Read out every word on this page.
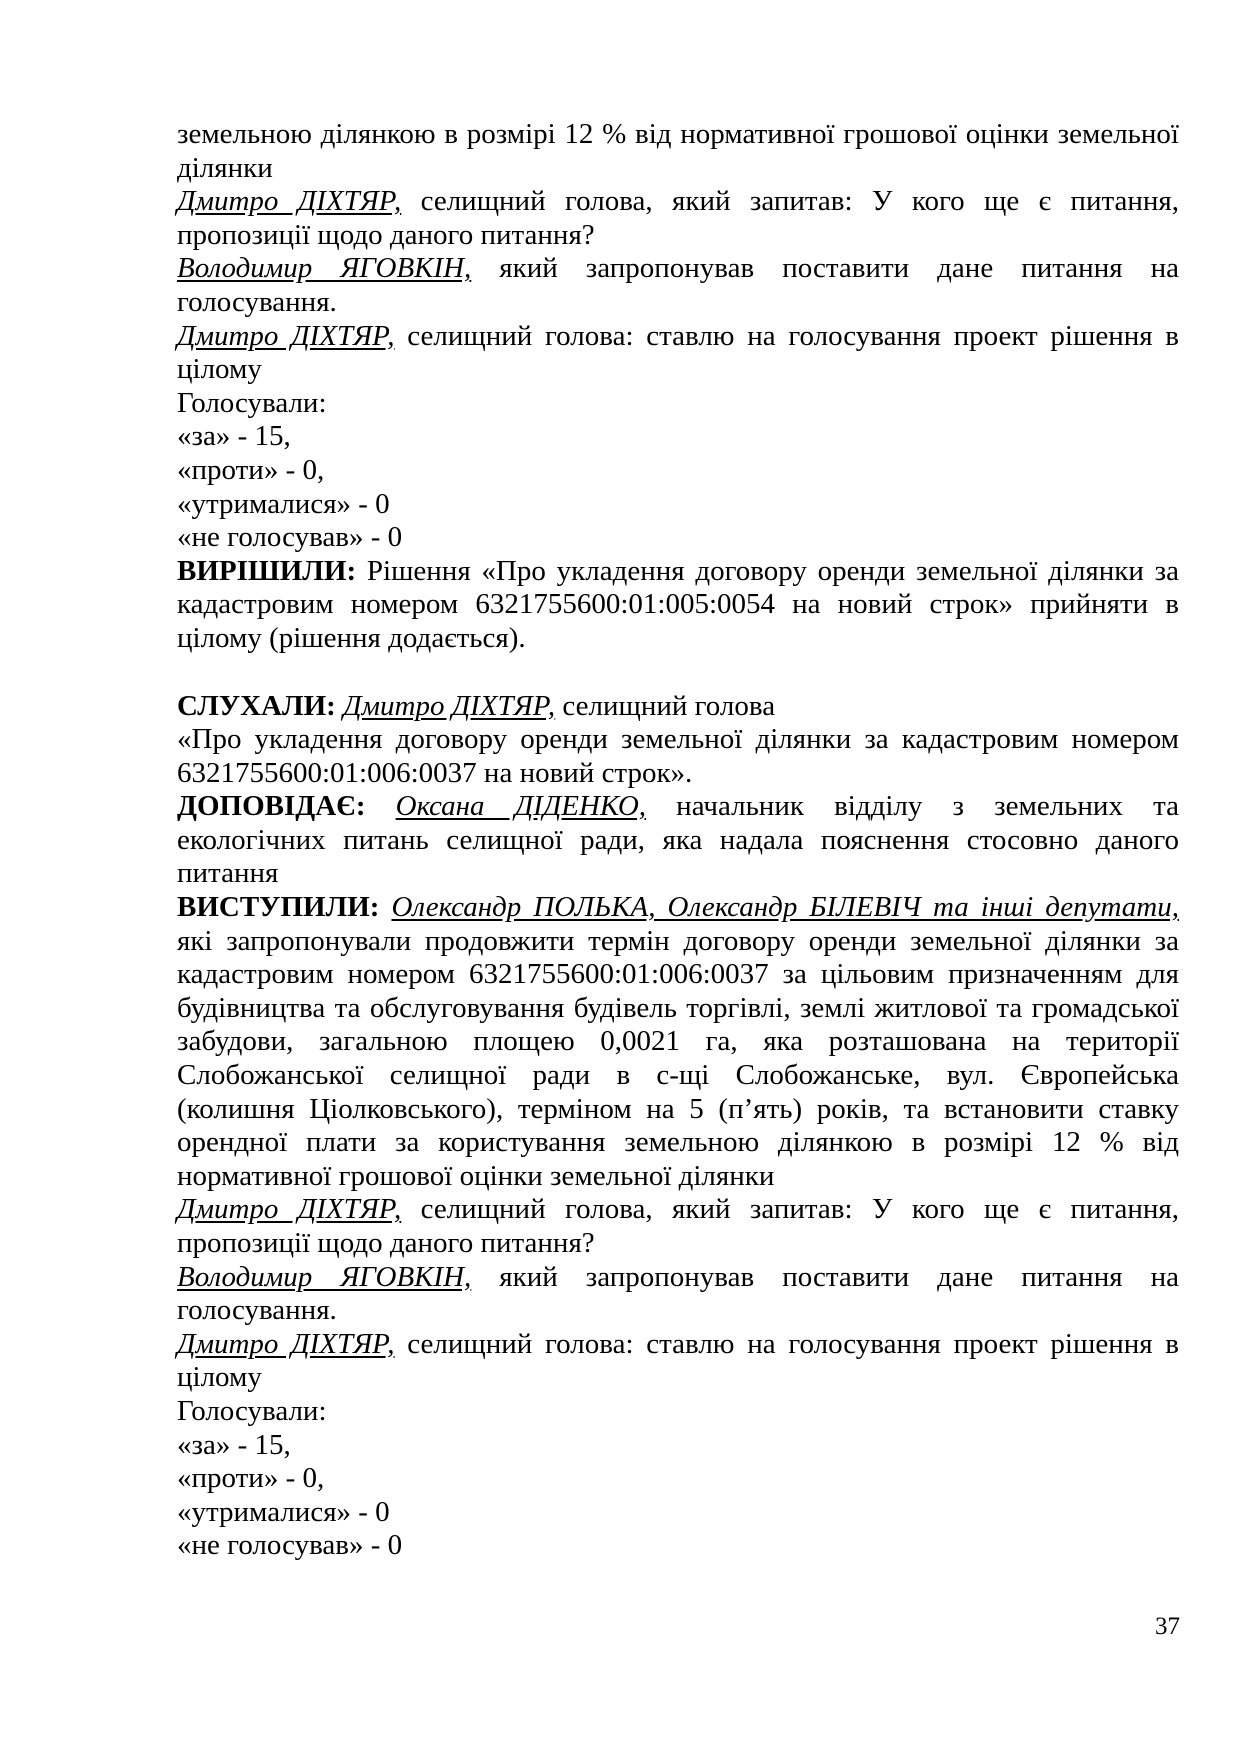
земельною ділянкою в розмірі 12 % від нормативної грошової оцінки земельної
ділянки
Дмитро ДІХТЯР, селищний голова, який запитав: У кого ще є питання,
пропозиції щодо даного питання?
Володимир ЯГОВКІН, який запропонував поставити дане питання на
голосування.
Дмитро ДІХТЯР, селищний голова: ставлю на голосування проект рішення в
цілому
Голосували:
«за» - 15,
«проти» - 0,
«утрималися» - 0
«не голосував» - 0
ВИРІШИЛИ: Рішення «Про укладення договору оренди земельної ділянки за
кадастровим номером 6321755600:01:005:0054 на новий строк» прийняти в
цілому (рішення додається).
СЛУХАЛИ: Дмитро ДІХТЯР, селищний голова
«Про укладення договору оренди земельної ділянки за кадастровим номером
6321755600:01:006:0037 на новий строк».
ДОПОВІДАЄ: Оксана ДІДЕНКО, начальник відділу з земельних та
екологічних питань селищної ради, яка надала пояснення стосовно даного
питання
ВИСТУПИЛИ: Олександр ПОЛЬКА, Олександр БІЛЕВІЧ та інші депутати,
які запропонували продовжити термін договору оренди земельної ділянки за
кадастровим номером 6321755600:01:006:0037 за цільовим призначенням для
будівництва та обслуговування будівель торгівлі, землі житлової та громадської
забудови, загальною площею 0,0021 га, яка розташована на території
Слобожанської селищної ради в с-щі Слобожанське, вул. Європейська
(колишня Ціолковського), терміном на 5 (п’ять) років, та встановити ставку
орендної плати за користування земельною ділянкою в розмірі 12 % від
нормативної грошової оцінки земельної ділянки
Дмитро ДІХТЯР, селищний голова, який запитав: У кого ще є питання,
пропозиції щодо даного питання?
Володимир ЯГОВКІН, який запропонував поставити дане питання на
голосування.
Дмитро ДІХТЯР, селищний голова: ставлю на голосування проект рішення в
цілому
Голосували:
«за» - 15,
«проти» - 0,
«утрималися» - 0
«не голосував» - 0
37
